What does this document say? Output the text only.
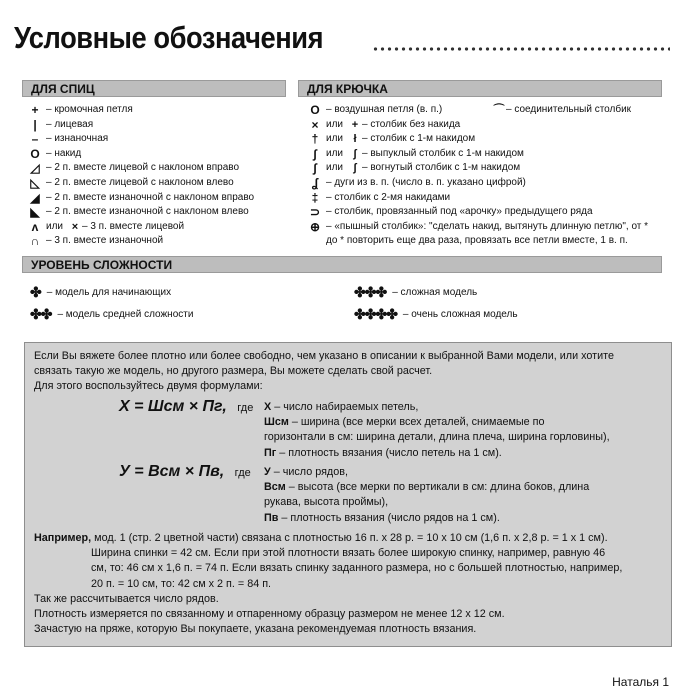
Условные обозначения
ДЛЯ СПИЦ
+ – кромочная петля
| – лицевая
– – изнаночная
O – накид
◿ – 2 п. вместе лицевой с наклоном вправо
◺ – 2 п. вместе лицевой с наклоном влево
◢ – 2 п. вместе изнаночной с наклоном вправо
◣ – 2 п. вместе изнаночной с наклоном влево
ʌ или × – 3 п. вместе лицевой
∩ – 3 п. вместе изнаночной
ДЛЯ КРЮЧКА
O – воздушная петля (в. п.)
× или + – столбик без накида
† или ł – столбик с 1-м накидом
∫ или ʃ – выпуклый столбик с 1-м накидом
∫ или ʃ – вогнутый столбик с 1-м накидом
ʆ – дуги из в. п. (число в. п. указано цифрой)
‡ – столбик с 2-мя накидами
⊃ – столбик, провязанный под «арочку» предыдущего ряда
⊕ – «пышный столбик»: "сделать накид, вытянуть длинную петлю", от *
до * повторить еще два раза, провязать все петли вместе, 1 в. п.
⌒ – соединительный столбик
УРОВЕНЬ СЛОЖНОСТИ
✤ – модель для начинающих
✤✤ – модель средней сложности
✤✤✤ – сложная модель
✤✤✤✤ – очень сложная модель

Если Вы вяжете более плотно или более свободно, чем указано в описании к выбранной Вами модели, или хотите

связать такую же модель, но другого размера, Вы можете сделать свой расчет.

Для этого воспользуйтесь двумя формулами:

Х = Шсм × Пг, где Х – число набираемых петель,
Шсм – ширина (все мерки всех деталей, снимаемые по
горизонтали в см: ширина детали, длина плеча, ширина горловины),
Пг – плотность вязания (число петель на 1 см).
У = Всм × Пв, где У – число рядов,
Всм – высота (все мерки по вертикали в см: длина боков, длина
рукава, высота проймы),
Пв – плотность вязания (число рядов на 1 см).
Например, мод. 1 (стр. 2 цветной части) связана с плотностью 16 п. х 28 р. = 10 х 10 см (1,6 п. х 2,8 р. = 1 х 1 см).
Ширина спинки = 42 см. Если при этой плотности вязать более широкую спинку, например, равную 46
см, то: 46 см х 1,6 п. = 74 п. Если вязать спинку заданного размера, но с большей плотностью, например,
20 п. = 10 см, то: 42 см х 2 п. = 84 п.
Так же рассчитывается число рядов.
Плотность измеряется по связанному и отпаренному образцу размером не менее 12 х 12 см.
Зачастую на пряже, которую Вы покупаете, указана рекомендуемая плотность вязания.
Наталья 1
